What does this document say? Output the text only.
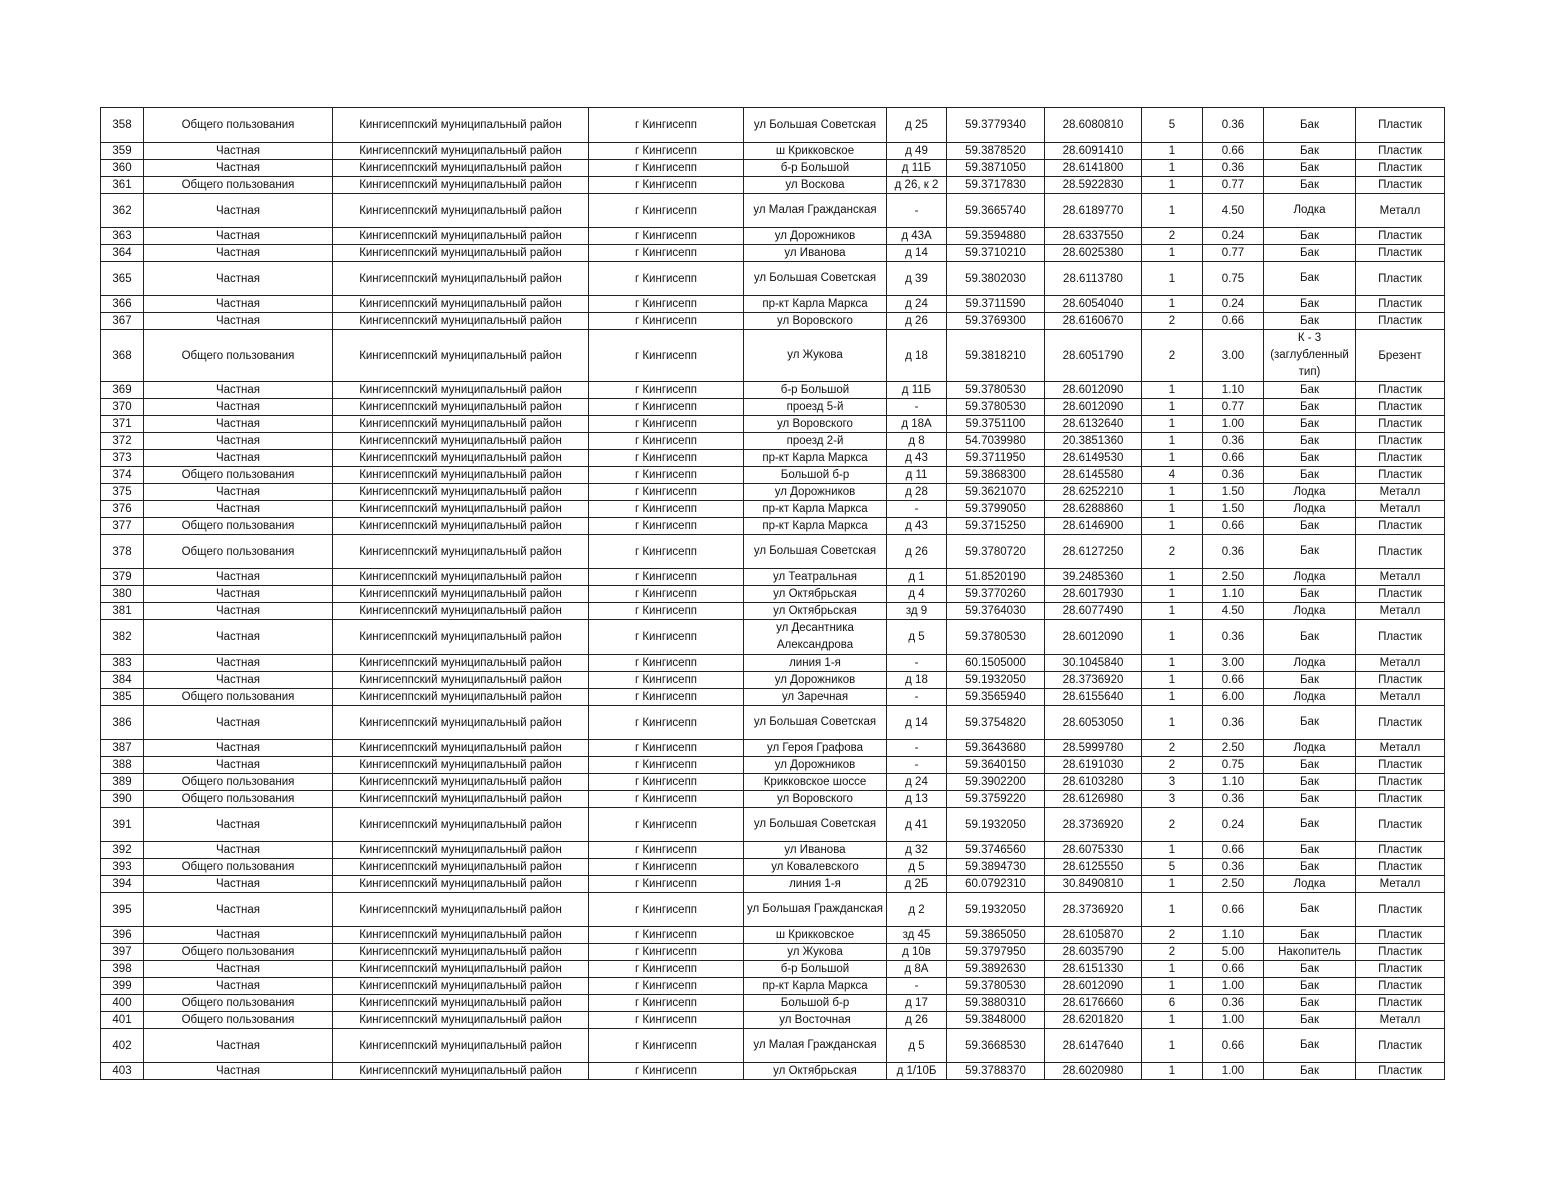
358	Общего пользования	Кингисеппский муниципальный район	г Кингисепп	ул Большая Советская	д 25	59.3779340	28.6080810	5	0.36	Бак	Пластик
359	Частная	Кингисеппский муниципальный район	г Кингисепп	ш Крикковское	д 49	59.3878520	28.6091410	1	0.66	Бак	Пластик
360	Частная	Кингисеппский муниципальный район	г Кингисепп	б-р Большой	д 11Б	59.3871050	28.6141800	1	0.36	Бак	Пластик
361	Общего пользования	Кингисеппский муниципальный район	г Кингисепп	ул Воскова	д 26, к 2	59.3717830	28.5922830	1	0.77	Бак	Пластик
362	Частная	Кингисеппский муниципальный район	г Кингисепп	ул Малая Гражданская	-	59.3665740	28.6189770	1	4.50	Лодка	Металл
363	Частная	Кингисеппский муниципальный район	г Кингисепп	ул Дорожников	д 43А	59.3594880	28.6337550	2	0.24	Бак	Пластик
364	Частная	Кингисеппский муниципальный район	г Кингисепп	ул Иванова	д 14	59.3710210	28.6025380	1	0.77	Бак	Пластик
365	Частная	Кингисеппский муниципальный район	г Кингисепп	ул Большая Советская	д 39	59.3802030	28.6113780	1	0.75	Бак	Пластик
366	Частная	Кингисеппский муниципальный район	г Кингисепп	пр-кт Карла Маркса	д 24	59.3711590	28.6054040	1	0.24	Бак	Пластик
367	Частная	Кингисеппский муниципальный район	г Кингисепп	ул Воровского	д 26	59.3769300	28.6160670	2	0.66	Бак	Пластик
368	Общего пользования	Кингисеппский муниципальный район	г Кингисепп	ул Жукова	д 18	59.3818210	28.6051790	2	3.00	К - 3 (заглубленный тип)	Брезент
369	Частная	Кингисеппский муниципальный район	г Кингисепп	б-р Большой	д 11Б	59.3780530	28.6012090	1	1.10	Бак	Пластик
370	Частная	Кингисеппский муниципальный район	г Кингисепп	проезд 5-й	-	59.3780530	28.6012090	1	0.77	Бак	Пластик
371	Частная	Кингисеппский муниципальный район	г Кингисепп	ул Воровского	д 18А	59.3751100	28.6132640	1	1.00	Бак	Пластик
372	Частная	Кингисеппский муниципальный район	г Кингисепп	проезд 2-й	д 8	54.7039980	20.3851360	1	0.36	Бак	Пластик
373	Частная	Кингисеппский муниципальный район	г Кингисепп	пр-кт Карла Маркса	д 43	59.3711950	28.6149530	1	0.66	Бак	Пластик
374	Общего пользования	Кингисеппский муниципальный район	г Кингисепп	Большой б-р	д 11	59.3868300	28.6145580	4	0.36	Бак	Пластик
375	Частная	Кингисеппский муниципальный район	г Кингисепп	ул Дорожников	д 28	59.3621070	28.6252210	1	1.50	Лодка	Металл
376	Частная	Кингисеппский муниципальный район	г Кингисепп	пр-кт Карла Маркса	-	59.3799050	28.6288860	1	1.50	Лодка	Металл
377	Общего пользования	Кингисеппский муниципальный район	г Кингисепп	пр-кт Карла Маркса	д 43	59.3715250	28.6146900	1	0.66	Бак	Пластик
378	Общего пользования	Кингисеппский муниципальный район	г Кингисепп	ул Большая Советская	д 26	59.3780720	28.6127250	2	0.36	Бак	Пластик
379	Частная	Кингисеппский муниципальный район	г Кингисепп	ул Театральная	д 1	51.8520190	39.2485360	1	2.50	Лодка	Металл
380	Частная	Кингисеппский муниципальный район	г Кингисепп	ул Октябрьская	д 4	59.3770260	28.6017930	1	1.10	Бак	Пластик
381	Частная	Кингисеппский муниципальный район	г Кингисепп	ул Октябрьская	зд 9	59.3764030	28.6077490	1	4.50	Лодка	Металл
382	Частная	Кингисеппский муниципальный район	г Кингисепп	ул Десантника Александрова	д 5	59.3780530	28.6012090	1	0.36	Бак	Пластик
383	Частная	Кингисеппский муниципальный район	г Кингисепп	линия 1-я	-	60.1505000	30.1045840	1	3.00	Лодка	Металл
384	Частная	Кингисеппский муниципальный район	г Кингисепп	ул Дорожников	д 18	59.1932050	28.3736920	1	0.66	Бак	Пластик
385	Общего пользования	Кингисеппский муниципальный район	г Кингисепп	ул Заречная	-	59.3565940	28.6155640	1	6.00	Лодка	Металл
386	Частная	Кингисеппский муниципальный район	г Кингисепп	ул Большая Советская	д 14	59.3754820	28.6053050	1	0.36	Бак	Пластик
387	Частная	Кингисеппский муниципальный район	г Кингисепп	ул Героя Графова	-	59.3643680	28.5999780	2	2.50	Лодка	Металл
388	Частная	Кингисеппский муниципальный район	г Кингисепп	ул Дорожников	-	59.3640150	28.6191030	2	0.75	Бак	Пластик
389	Общего пользования	Кингисеппский муниципальный район	г Кингисепп	Крикковское шоссе	д 24	59.3902200	28.6103280	3	1.10	Бак	Пластик
390	Общего пользования	Кингисеппский муниципальный район	г Кингисепп	ул Воровского	д 13	59.3759220	28.6126980	3	0.36	Бак	Пластик
391	Частная	Кингисеппский муниципальный район	г Кингисепп	ул Большая Советская	д 41	59.1932050	28.3736920	2	0.24	Бак	Пластик
392	Частная	Кингисеппский муниципальный район	г Кингисепп	ул Иванова	д 32	59.3746560	28.6075330	1	0.66	Бак	Пластик
393	Общего пользования	Кингисеппский муниципальный район	г Кингисепп	ул Ковалевского	д 5	59.3894730	28.6125550	5	0.36	Бак	Пластик
394	Частная	Кингисеппский муниципальный район	г Кингисепп	линия 1-я	д 2Б	60.0792310	30.8490810	1	2.50	Лодка	Металл
395	Частная	Кингисеппский муниципальный район	г Кингисепп	ул Большая Гражданская	д 2	59.1932050	28.3736920	1	0.66	Бак	Пластик
396	Частная	Кингисеппский муниципальный район	г Кингисепп	ш Крикковское	зд 45	59.3865050	28.6105870	2	1.10	Бак	Пластик
397	Общего пользования	Кингисеппский муниципальный район	г Кингисепп	ул Жукова	д 10в	59.3797950	28.6035790	2	5.00	Накопитель	Пластик
398	Частная	Кингисеппский муниципальный район	г Кингисепп	б-р Большой	д 8А	59.3892630	28.6151330	1	0.66	Бак	Пластик
399	Частная	Кингисеппский муниципальный район	г Кингисепп	пр-кт Карла Маркса	-	59.3780530	28.6012090	1	1.00	Бак	Пластик
400	Общего пользования	Кингисеппский муниципальный район	г Кингисепп	Большой б-р	д 17	59.3880310	28.6176660	6	0.36	Бак	Пластик
401	Общего пользования	Кингисеппский муниципальный район	г Кингисепп	ул Восточная	д 26	59.3848000	28.6201820	1	1.00	Бак	Металл
402	Частная	Кингисеппский муниципальный район	г Кингисепп	ул Малая Гражданская	д 5	59.3668530	28.6147640	1	0.66	Бак	Пластик
403	Частная	Кингисеппский муниципальный район	г Кингисепп	ул Октябрьская	д 1/10Б	59.3788370	28.6020980	1	1.00	Бак	Пластик
